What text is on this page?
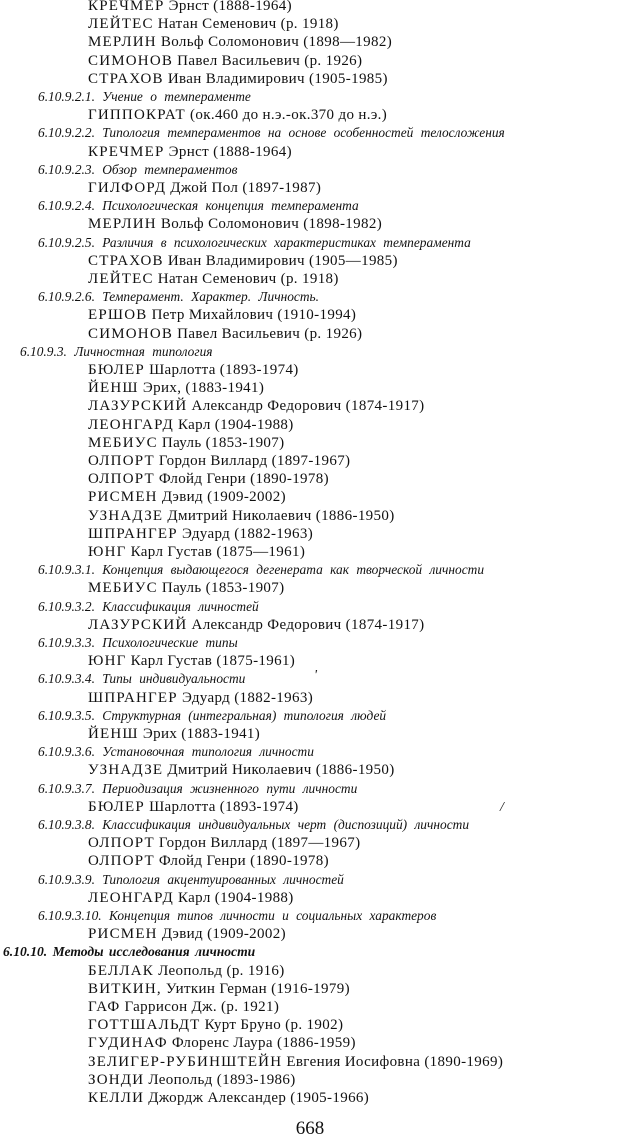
КРЕЧМЕР Эрнст (1888-1964)
ЛЕЙТЕС Натан Семенович (р. 1918)
МЕРЛИН Вольф Соломонович (1898—1982)
СИМОНОВ Павел Васильевич (р. 1926)
СТРАХОВ Иван Владимирович (1905-1985)
6.10.9.2.1. Учение о темпераменте
ГИППОКРАТ (ок.460 до н.э.-ок.370 до н.э.)
6.10.9.2.2. Типология темпераментов на основе особенностей телосложения
КРЕЧМЕР Эрнст (1888-1964)
6.10.9.2.3. Обзор темпераментов
ГИЛФОРД Джой Пол (1897-1987)
6.10.9.2.4. Психологическая концепция темперамента
МЕРЛИН Вольф Соломонович (1898-1982)
6.10.9.2.5. Различия в психологических характеристиках темперамента
СТРАХОВ Иван Владимирович (1905—1985)
ЛЕЙТЕС Натан Семенович (р. 1918)
6.10.9.2.6. Темперамент. Характер. Личность.
ЕРШОВ Петр Михайлович (1910-1994)
СИМОНОВ Павел Васильевич (р. 1926)
6.10.9.3. Личностная типология
БЮЛЕР Шарлотта (1893-1974)
ЙЕНШ Эрих, (1883-1941)
ЛАЗУРСКИЙ Александр Федорович (1874-1917)
ЛЕОНГАРД Карл (1904-1988)
МЕБИУС Пауль (1853-1907)
ОЛПОРТ Гордон Виллард (1897-1967)
ОЛПОРТ Флойд Генри (1890-1978)
РИСМЕН Дэвид (1909-2002)
УЗНАДЗЕ Дмитрий Николаевич (1886-1950)
ШПРАНГЕР Эдуард (1882-1963)
ЮНГ Карл Густав (1875—1961)
6.10.9.3.1. Концепция выдающегося дегенерата как творческой личности
МЕБИУС Пауль (1853-1907)
6.10.9.3.2. Классификация личностей
ЛАЗУРСКИЙ Александр Федорович (1874-1917)
6.10.9.3.3. Психологические типы
ЮНГ Карл Густав (1875-1961)
6.10.9.3.4. Типы индивидуальности
ШПРАНГЕР Эдуард (1882-1963)
6.10.9.3.5. Структурная (интегральная) типология людей
ЙЕНШ Эрих (1883-1941)
6.10.9.3.6. Установочная типология личности
УЗНАДЗЕ Дмитрий Николаевич (1886-1950)
6.10.9.3.7. Периодизация жизненного пути личности
БЮЛЕР Шарлотта (1893-1974)
6.10.9.3.8. Классификация индивидуальных черт (диспозиций) личности
ОЛПОРТ Гордон Виллард (1897—1967)
ОЛПОРТ Флойд Генри (1890-1978)
6.10.9.3.9. Типология акцентуированных личностей
ЛЕОНГАРД Карл (1904-1988)
6.10.9.3.10. Концепция типов личности и социальных характеров
РИСМЕН Дэвид (1909-2002)
6.10.10. Методы исследования личности
БЕЛЛАК Леопольд (р. 1916)
ВИТКИН, Уиткин Герман (1916-1979)
ГАФ Гаррисон Дж. (р. 1921)
ГОТТШАЛЬДТ Курт Бруно (р. 1902)
ГУДИНАФ Флоренс Лаура (1886-1959)
ЗЕЛИГЕР-РУБИНШТЕЙН Евгения Иосифовна (1890-1969)
ЗОНДИ Леопольд (1893-1986)
КЕЛЛИ Джордж Александер (1905-1966)
'
/
668
